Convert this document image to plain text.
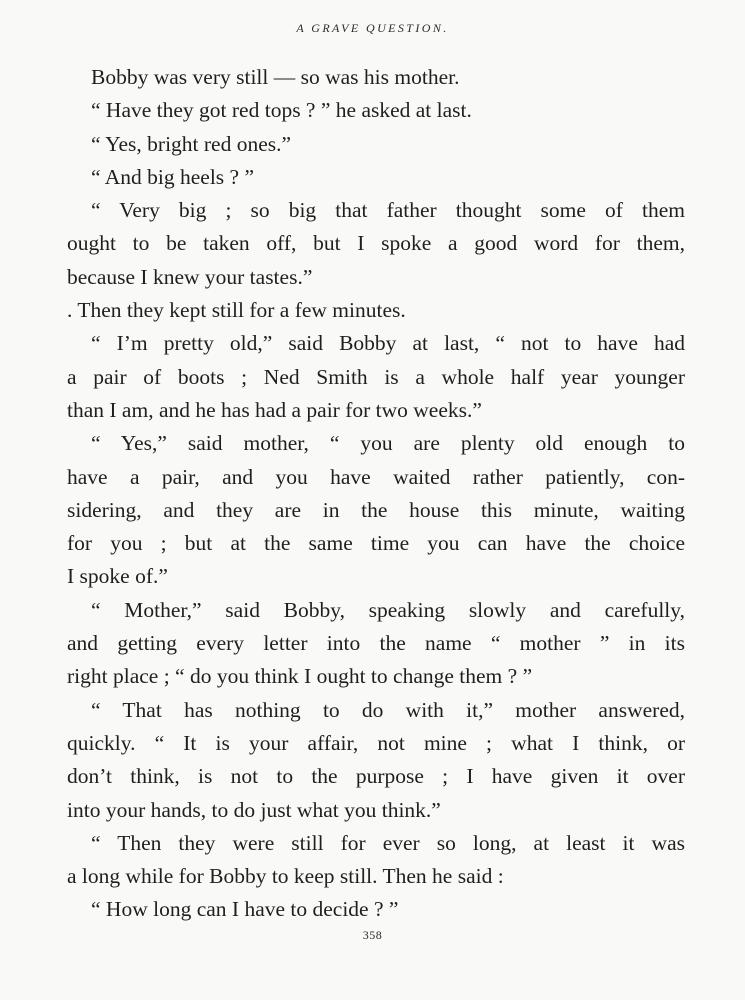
A GRAVE QUESTION.
Bobby was very still — so was his mother.
“ Have they got red tops ? ” he asked at last.
“ Yes, bright red ones.”
“ And big heels ? ”
“ Very big ; so big that father thought some of them
ought to be taken off, but I spoke a good word for them,
because I knew your tastes.”
. Then they kept still for a few minutes.
“ I’m pretty old,” said Bobby at last, “ not to have had
a pair of boots ; Ned Smith is a whole half year younger
than I am, and he has had a pair for two weeks.”
“ Yes,” said mother, “ you are plenty old enough to
have a pair, and you have waited rather patiently, con-
sidering, and they are in the house this minute, waiting
for you ; but at the same time you can have the choice
I spoke of.”
“ Mother,” said Bobby, speaking slowly and carefully,
and getting every letter into the name “ mother ” in its
right place ; “ do you think I ought to change them ? ”
“ That has nothing to do with it,” mother answered,
quickly. “ It is your affair, not mine ; what I think, or
don’t think, is not to the purpose ; I have given it over
into your hands, to do just what you think.”
“ Then they were still for ever so long, at least it was
a long while for Bobby to keep still. Then he said :
“ How long can I have to decide ? ”
358
